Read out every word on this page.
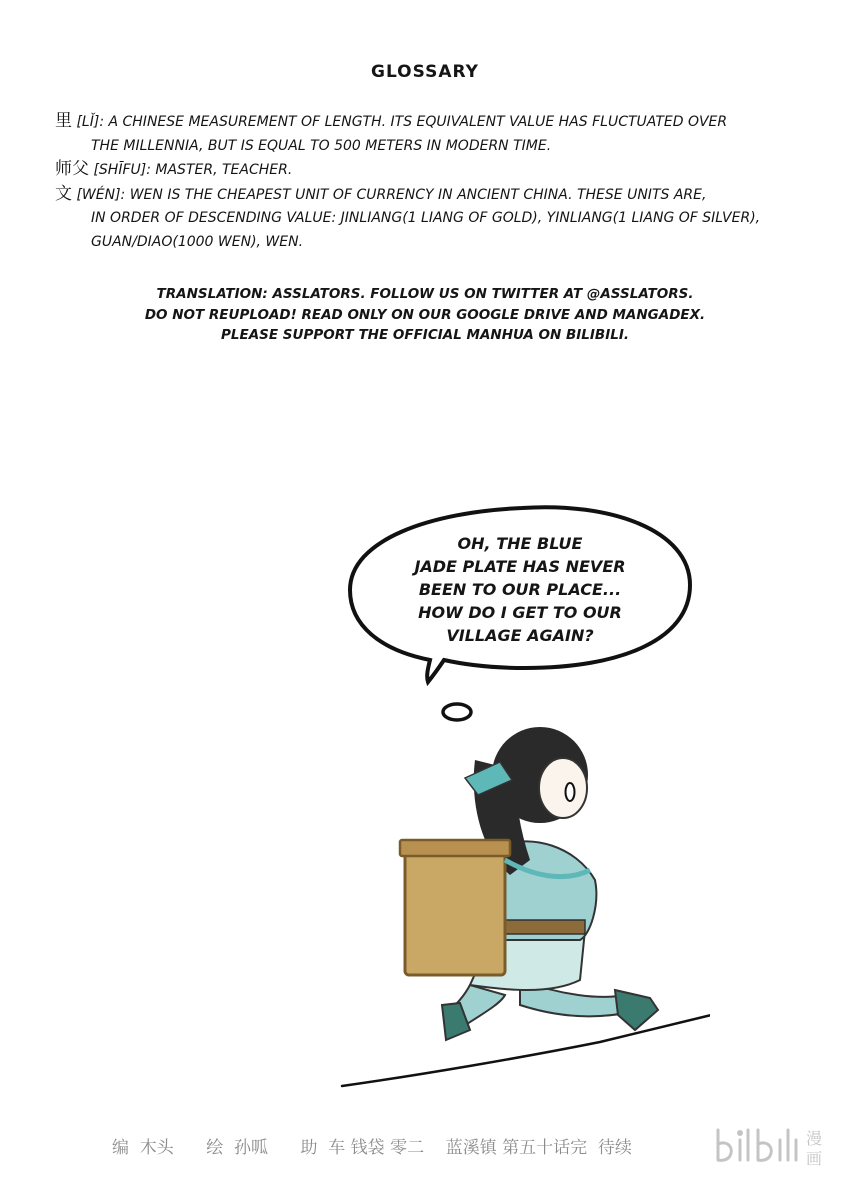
GLOSSARY
里 [LǏ]: A CHINESE MEASUREMENT OF LENGTH. ITS EQUIVALENT VALUE HAS FLUCTUATED OVER
THE MILLENNIA, BUT IS EQUAL TO 500 METERS IN MODERN TIME.
师父 [SHĪFU]: MASTER, TEACHER.
文 [WÉN]: WEN IS THE CHEAPEST UNIT OF CURRENCY IN ANCIENT CHINA. THESE UNITS ARE,
IN ORDER OF DESCENDING VALUE: JINLIANG(1 LIANG OF GOLD), YINLIANG(1 LIANG OF SILVER),
GUAN/DIAO(1000 WEN), WEN.
TRANSLATION: ASSLATORS. FOLLOW US ON TWITTER AT @ASSLATORS.
DO NOT REUPLOAD! READ ONLY ON OUR GOOGLE DRIVE AND MANGADEX.
PLEASE SUPPORT THE OFFICIAL MANHUA ON BILIBILI.
OH, THE BLUE
JADE PLATE HAS NEVER
BEEN TO OUR PLACE...
HOW DO I GET TO OUR
VILLAGE AGAIN?
编  木头      绘  孙呱      助  车 钱袋 零二    蓝溪镇 第五十话完  待续	漫
画
